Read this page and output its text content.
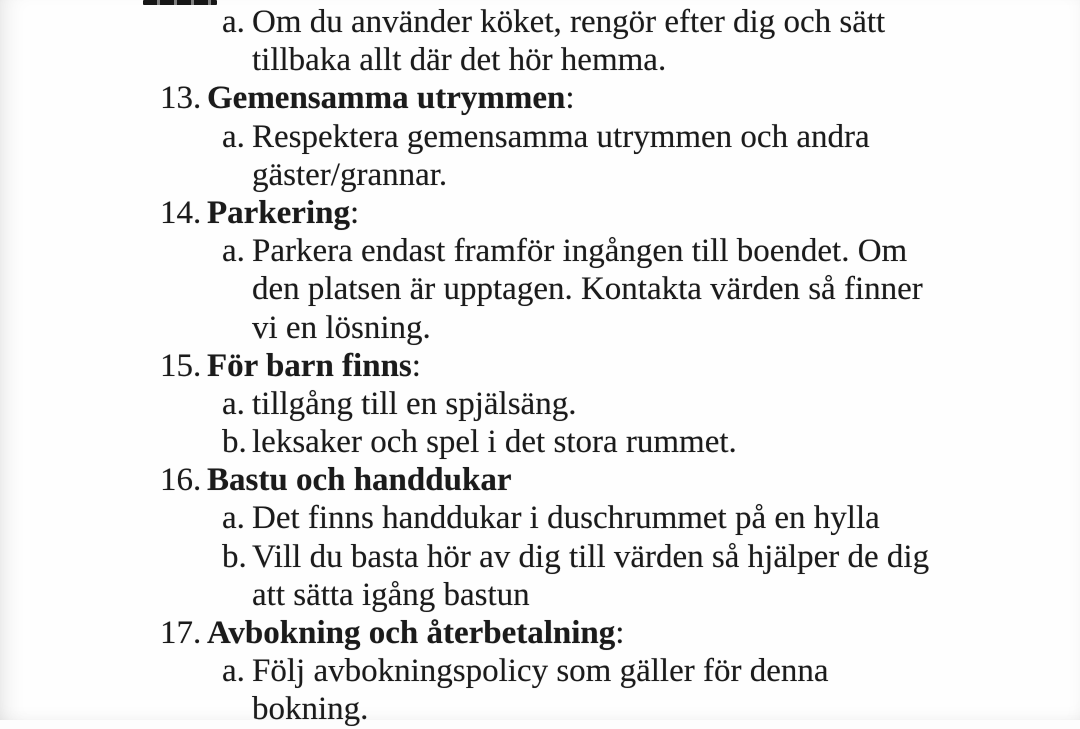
a. Om du använder köket, rengör efter dig och sätt
tillbaka allt där det hör hemma.
13. Gemensamma utrymmen:
a. Respektera gemensamma utrymmen och andra
gäster/grannar.
14. Parkering:
a. Parkera endast framför ingången till boendet. Om
den platsen är upptagen. Kontakta värden så finner
vi en lösning.
15. För barn finns:
a. tillgång till en spjälsäng.
b. leksaker och spel i det stora rummet.
16. Bastu och handdukar
a. Det finns handdukar i duschrummet på en hylla
b. Vill du basta hör av dig till värden så hjälper de dig
att sätta igång bastun
17. Avbokning och återbetalning:
a. Följ avbokningspolicy som gäller för denna
bokning.
